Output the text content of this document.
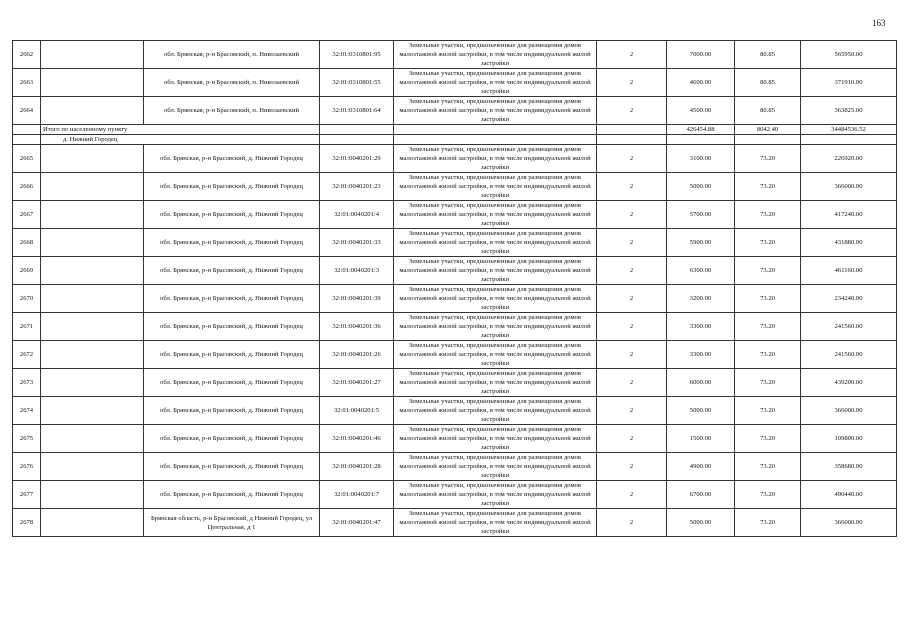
163
2662		обл. Брянская, р-н Брасовский, п. Николаевский	32:01:0310801:95	Земельные участки, предназначенные для размещения домов малоэтажной жилой застройки, в том числе индивидуальной жилой застройки	2	7000.00	80.85	565950.00
2663		обл. Брянская, р-н Брасовский, п. Николаевский	32:01:0310801:55	Земельные участки, предназначенные для размещения домов малоэтажной жилой застройки, в том числе индивидуальной жилой застройки	2	4600.00	80.85	371910.00
2664		обл. Брянская, р-н Брасовский, п. Николаевский	32:01:0310801:64	Земельные участки, предназначенные для размещения домов малоэтажной жилой застройки, в том числе индивидуальной жилой застройки	2	4500.00	80.85	363825.00
	Итого по населенному пункту					426454.88	8042.40	34484536.52
	д. Нижний Городец							
2665		обл. Брянская, р-н Брасовский, д. Нижний Городец	32:01:0040201:29	Земельные участки, предназначенные для размещения домов малоэтажной жилой застройки, в том числе индивидуальной жилой застройки	2	3100.00	73.20	226920.00
2666		обл. Брянская, р-н Брасовский, д. Нижний Городец	32:01:0040201:23	Земельные участки, предназначенные для размещения домов малоэтажной жилой застройки, в том числе индивидуальной жилой застройки	2	5000.00	73.20	366000.00
2667		обл. Брянская, р-н Брасовский, д. Нижний Городец	32:01:0040201:4	Земельные участки, предназначенные для размещения домов малоэтажной жилой застройки, в том числе индивидуальной жилой застройки	2	5700.00	73.20	417240.00
2668		обл. Брянская, р-н Брасовский, д. Нижний Городец	32:01:0040201:33	Земельные участки, предназначенные для размещения домов малоэтажной жилой застройки, в том числе индивидуальной жилой застройки	2	5900.00	73.20	431880.00
2669		обл. Брянская, р-н Брасовский, д. Нижний Городец	32:01:0040201:3	Земельные участки, предназначенные для размещения домов малоэтажной жилой застройки, в том числе индивидуальной жилой застройки	2	6300.00	73.20	461160.00
2670		обл. Брянская, р-н Брасовский, д. Нижний Городец	32:01:0040201:39	Земельные участки, предназначенные для размещения домов малоэтажной жилой застройки, в том числе индивидуальной жилой застройки	2	3200.00	73.20	234240.00
2671		обл. Брянская, р-н Брасовский, д. Нижний Городец	32:01:0040201:36	Земельные участки, предназначенные для размещения домов малоэтажной жилой застройки, в том числе индивидуальной жилой застройки	2	3300.00	73.20	241560.00
2672		обл. Брянская, р-н Брасовский, д. Нижний Городец	32:01:0040201:26	Земельные участки, предназначенные для размещения домов малоэтажной жилой застройки, в том числе индивидуальной жилой застройки	2	3300.00	73.20	241560.00
2673		обл. Брянская, р-н Брасовский, д. Нижний Городец	32:01:0040201:27	Земельные участки, предназначенные для размещения домов малоэтажной жилой застройки, в том числе индивидуальной жилой застройки	2	6000.00	73.20	439200.00
2674		обл. Брянская, р-н Брасовский, д. Нижний Городец	32:01:0040201:5	Земельные участки, предназначенные для размещения домов малоэтажной жилой застройки, в том числе индивидуальной жилой застройки	2	5000.00	73.20	366000.00
2675		обл. Брянская, р-н Брасовский, д. Нижний Городец	32:01:0040201:46	Земельные участки, предназначенные для размещения домов малоэтажной жилой застройки, в том числе индивидуальной жилой застройки	2	1500.00	73.20	109800.00
2676		обл. Брянская, р-н Брасовский, д. Нижний Городец	32:01:0040201:28	Земельные участки, предназначенные для размещения домов малоэтажной жилой застройки, в том числе индивидуальной жилой застройки	2	4900.00	73.20	358680.00
2677		обл. Брянская, р-н Брасовский, д. Нижний Городец	32:01:0040201:7	Земельные участки, предназначенные для размещения домов малоэтажной жилой застройки, в том числе индивидуальной жилой застройки	2	6700.00	73.20	490440.00
2678		Брянская область, р-н Брасовский, д Нижний Городец, ул Центральная, д 1	32:01:0040201:47	Земельные участки, предназначенные для размещения домов малоэтажной жилой застройки, в том числе индивидуальной жилой застройки	2	5000.00	73.20	366000.00
